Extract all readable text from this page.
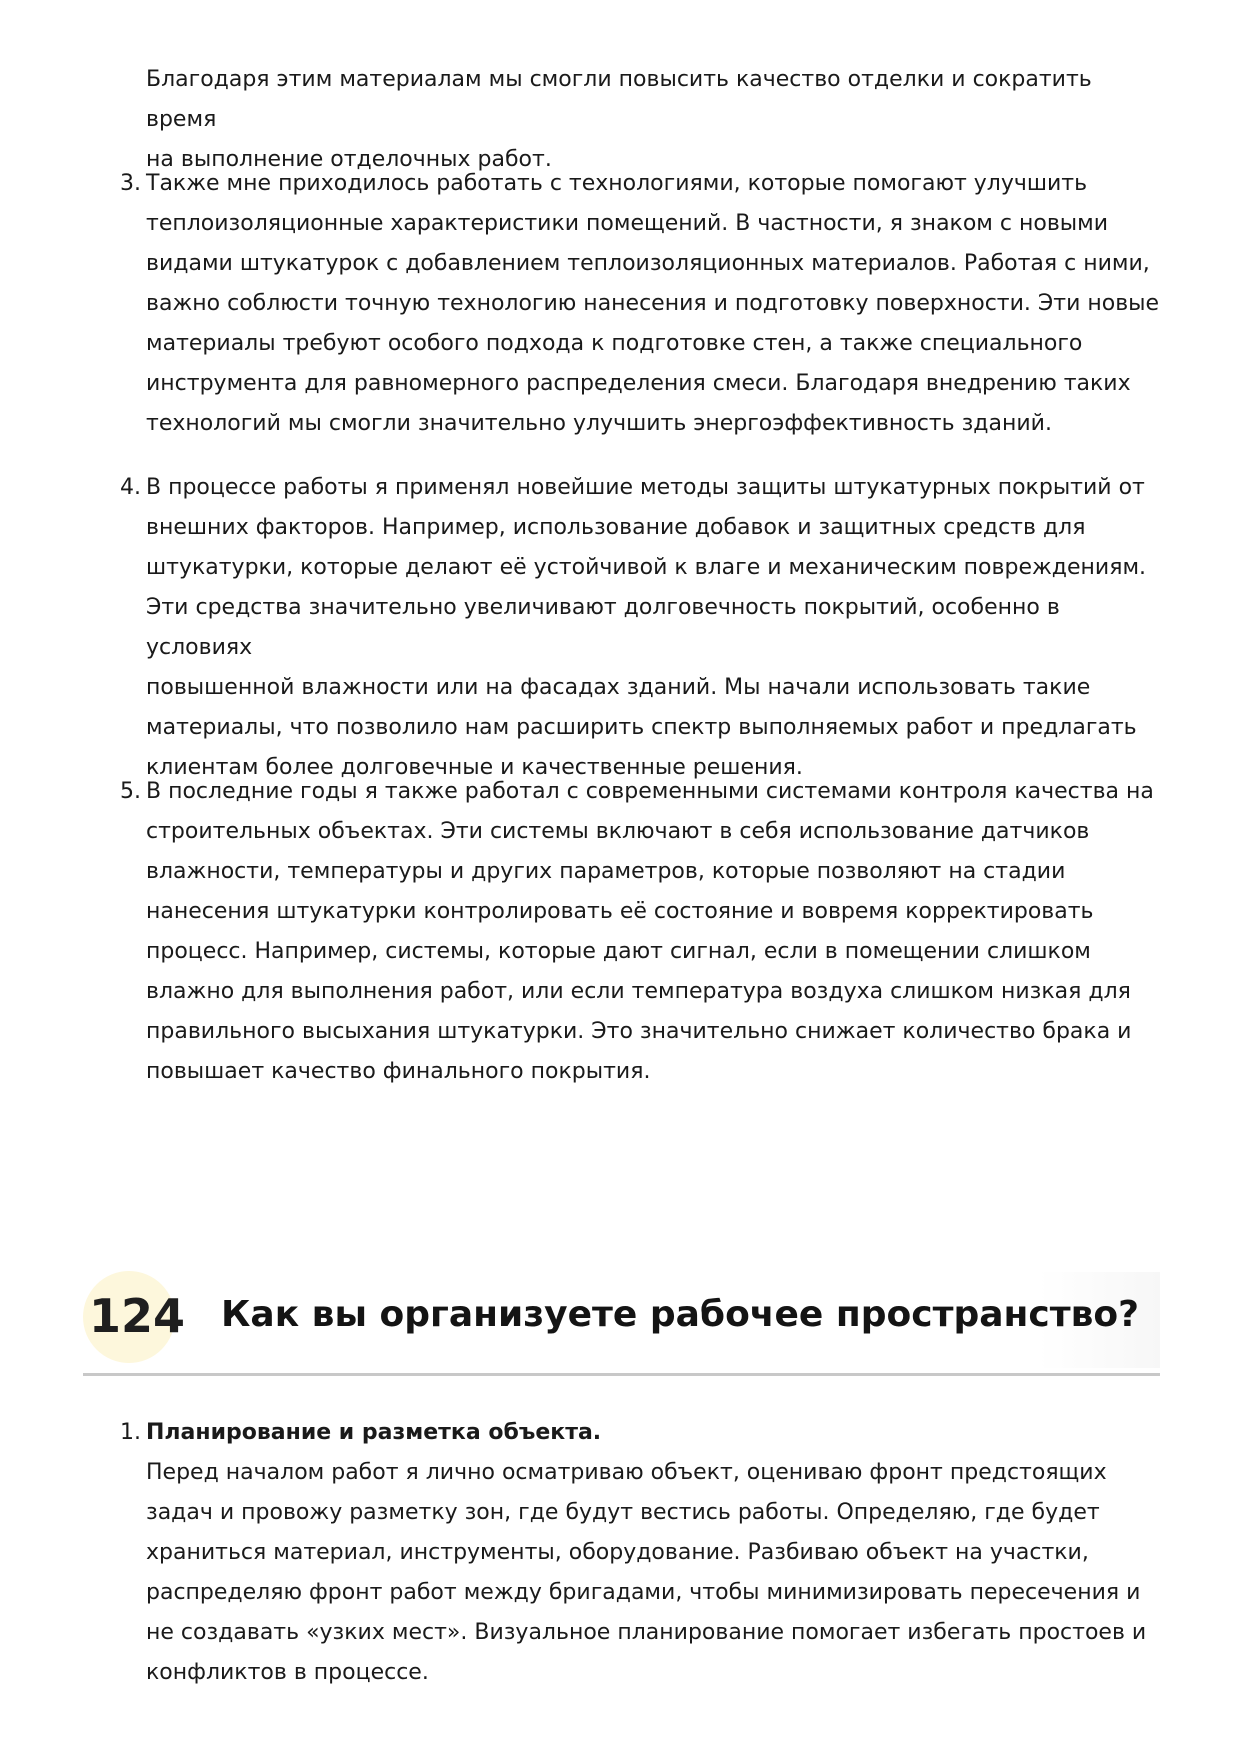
Благодаря этим материалам мы смогли повысить качество отделки и сократить время
на выполнение отделочных работ.
3. Также мне приходилось работать с технологиями, которые помогают улучшить
теплоизоляционные характеристики помещений. В частности, я знаком с новыми
видами штукатурок с добавлением теплоизоляционных материалов. Работая с ними,
важно соблюсти точную технологию нанесения и подготовку поверхности. Эти новые
материалы требуют особого подхода к подготовке стен, а также специального
инструмента для равномерного распределения смеси. Благодаря внедрению таких
технологий мы смогли значительно улучшить энергоэффективность зданий.
4. В процессе работы я применял новейшие методы защиты штукатурных покрытий от
внешних факторов. Например, использование добавок и защитных средств для
штукатурки, которые делают её устойчивой к влаге и механическим повреждениям.
Эти средства значительно увеличивают долговечность покрытий, особенно в условиях
повышенной влажности или на фасадах зданий. Мы начали использовать такие
материалы, что позволило нам расширить спектр выполняемых работ и предлагать
клиентам более долговечные и качественные решения.
5. В последние годы я также работал с современными системами контроля качества на
строительных объектах. Эти системы включают в себя использование датчиков
влажности, температуры и других параметров, которые позволяют на стадии
нанесения штукатурки контролировать её состояние и вовремя корректировать
процесс. Например, системы, которые дают сигнал, если в помещении слишком
влажно для выполнения работ, или если температура воздуха слишком низкая для
правильного высыхания штукатурки. Это значительно снижает количество брака и
повышает качество финального покрытия.
124 Как вы организуете рабочее пространство?
1. Планирование и разметка объекта.
Перед началом работ я лично осматриваю объект, оцениваю фронт предстоящих
задач и провожу разметку зон, где будут вестись работы. Определяю, где будет
храниться материал, инструменты, оборудование. Разбиваю объект на участки,
распределяю фронт работ между бригадами, чтобы минимизировать пересечения и
не создавать «узких мест». Визуальное планирование помогает избегать простоев и
конфликтов в процессе.
